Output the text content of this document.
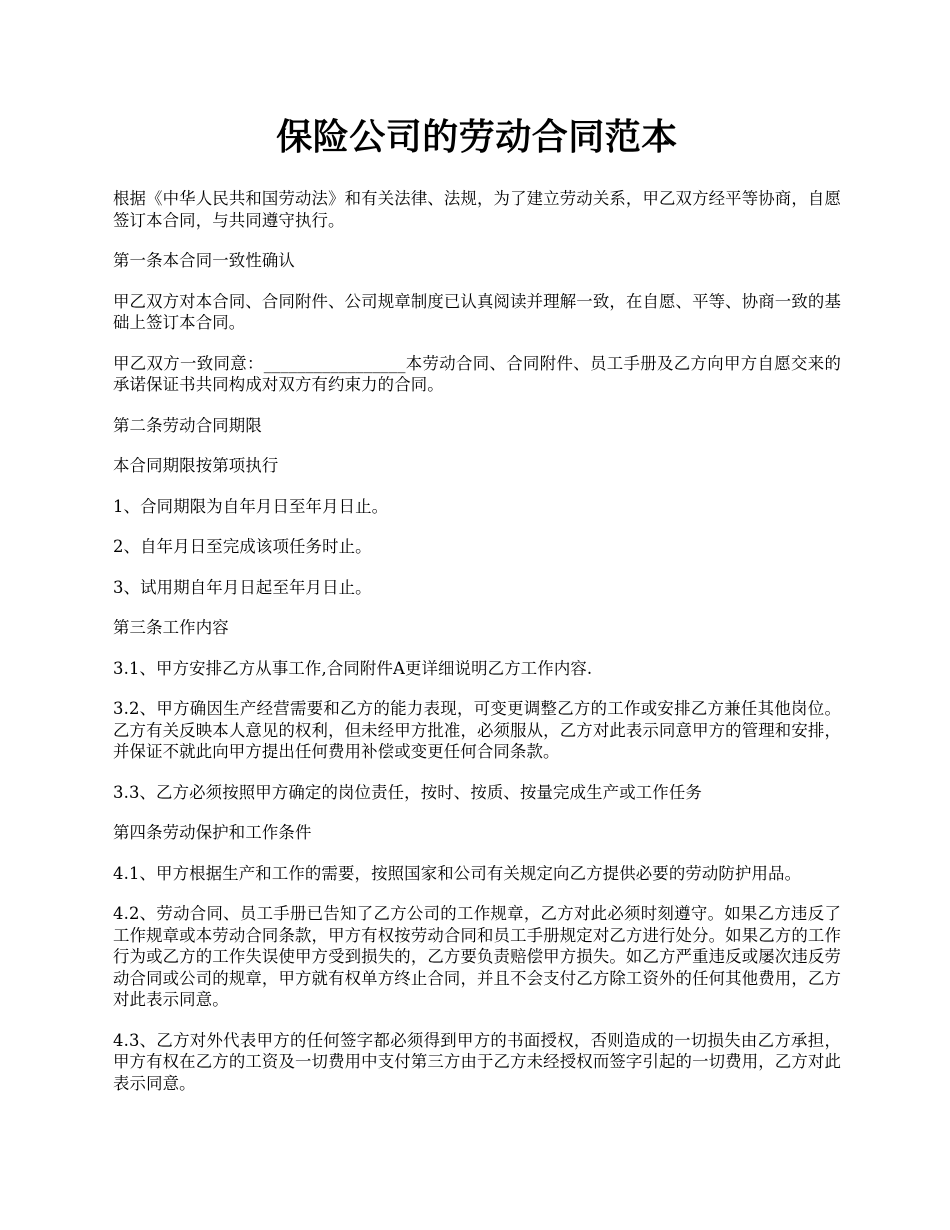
保险公司的劳动合同范本

根据《中华人民共和国劳动法》和有关法律、法规，为了建立劳动关系，甲乙双方经平等协商，自愿签订本合同，与共同遵守执行。

第一条本合同一致性确认

甲乙双方对本合同、合同附件、公司规章制度已认真阅读并理解一致，在自愿、平等、协商一致的基础上签订本合同。

甲乙双方一致同意：_________________本劳动合同、合同附件、员工手册及乙方向甲方自愿交来的承诺保证书共同构成对双方有约束力的合同。

第二条劳动合同期限

本合同期限按第项执行

1、合同期限为自年月日至年月日止。

2、自年月日至完成该项任务时止。

3、试用期自年月日起至年月日止。

第三条工作内容

3.1、甲方安排乙方从事工作,合同附件A更详细说明乙方工作内容.

3.2、甲方确因生产经营需要和乙方的能力表现，可变更调整乙方的工作或安排乙方兼任其他岗位。乙方有关反映本人意见的权利，但未经甲方批准，必须服从，乙方对此表示同意甲方的管理和安排，并保证不就此向甲方提出任何费用补偿或变更任何合同条款。

3.3、乙方必须按照甲方确定的岗位责任，按时、按质、按量完成生产或工作任务

第四条劳动保护和工作条件

4.1、甲方根据生产和工作的需要，按照国家和公司有关规定向乙方提供必要的劳动防护用品。

4.2、劳动合同、员工手册已告知了乙方公司的工作规章，乙方对此必须时刻遵守。如果乙方违反了工作规章或本劳动合同条款，甲方有权按劳动合同和员工手册规定对乙方进行处分。如果乙方的工作行为或乙方的工作失误使甲方受到损失的，乙方要负责赔偿甲方损失。如乙方严重违反或屡次违反劳动合同或公司的规章，甲方就有权单方终止合同，并且不会支付乙方除工资外的任何其他费用，乙方对此表示同意。

4.3、乙方对外代表甲方的任何签字都必须得到甲方的书面授权，否则造成的一切损失由乙方承担，甲方有权在乙方的工资及一切费用中支付第三方由于乙方未经授权而签字引起的一切费用，乙方对此表示同意。
